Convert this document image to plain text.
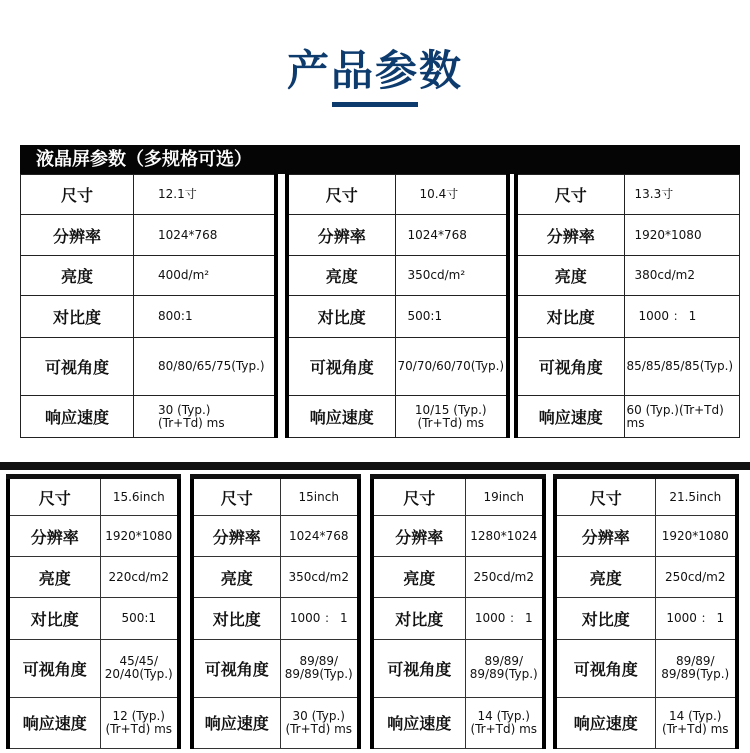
产品参数
液晶屏参数（多规格可选）
尺寸	12.1寸
分辨率	1024*768
亮度	400d/m²
对比度	800:1
可视角度	80/80/65/75(Typ.)
响应速度	30 (Typ.)
(Tr+Td) ms
尺寸	10.4寸
分辨率	1024*768
亮度	350cd/m²
对比度	500:1
可视角度	70/70/60/70(Typ.)
响应速度	10/15 (Typ.)
(Tr+Td) ms
尺寸	13.3寸
分辨率	1920*1080
亮度	380cd/m2
对比度	1000 ： 1
可视角度	85/85/85/85(Typ.)
响应速度	60 (Typ.)(Tr+Td) ms
尺寸	15.6inch
分辨率	1920*1080
亮度	220cd/m2
对比度	500:1
可视角度	45/45/
20/40(Typ.)

响应速度	12 (Typ.)
(Tr+Td) ms
尺寸	15inch
分辨率	1024*768
亮度	350cd/m2
对比度	1000 ： 1
可视角度	89/89/
89/89(Typ.)

响应速度	30 (Typ.)
(Tr+Td) ms
尺寸	19inch
分辨率	1280*1024
亮度	250cd/m2
对比度	1000 ： 1
可视角度	89/89/
89/89(Typ.)

响应速度	14 (Typ.)
(Tr+Td) ms
尺寸	21.5inch
分辨率	1920*1080
亮度	250cd/m2
对比度	1000 ： 1
可视角度	89/89/
89/89(Typ.)

响应速度	14 (Typ.)
(Tr+Td) ms
